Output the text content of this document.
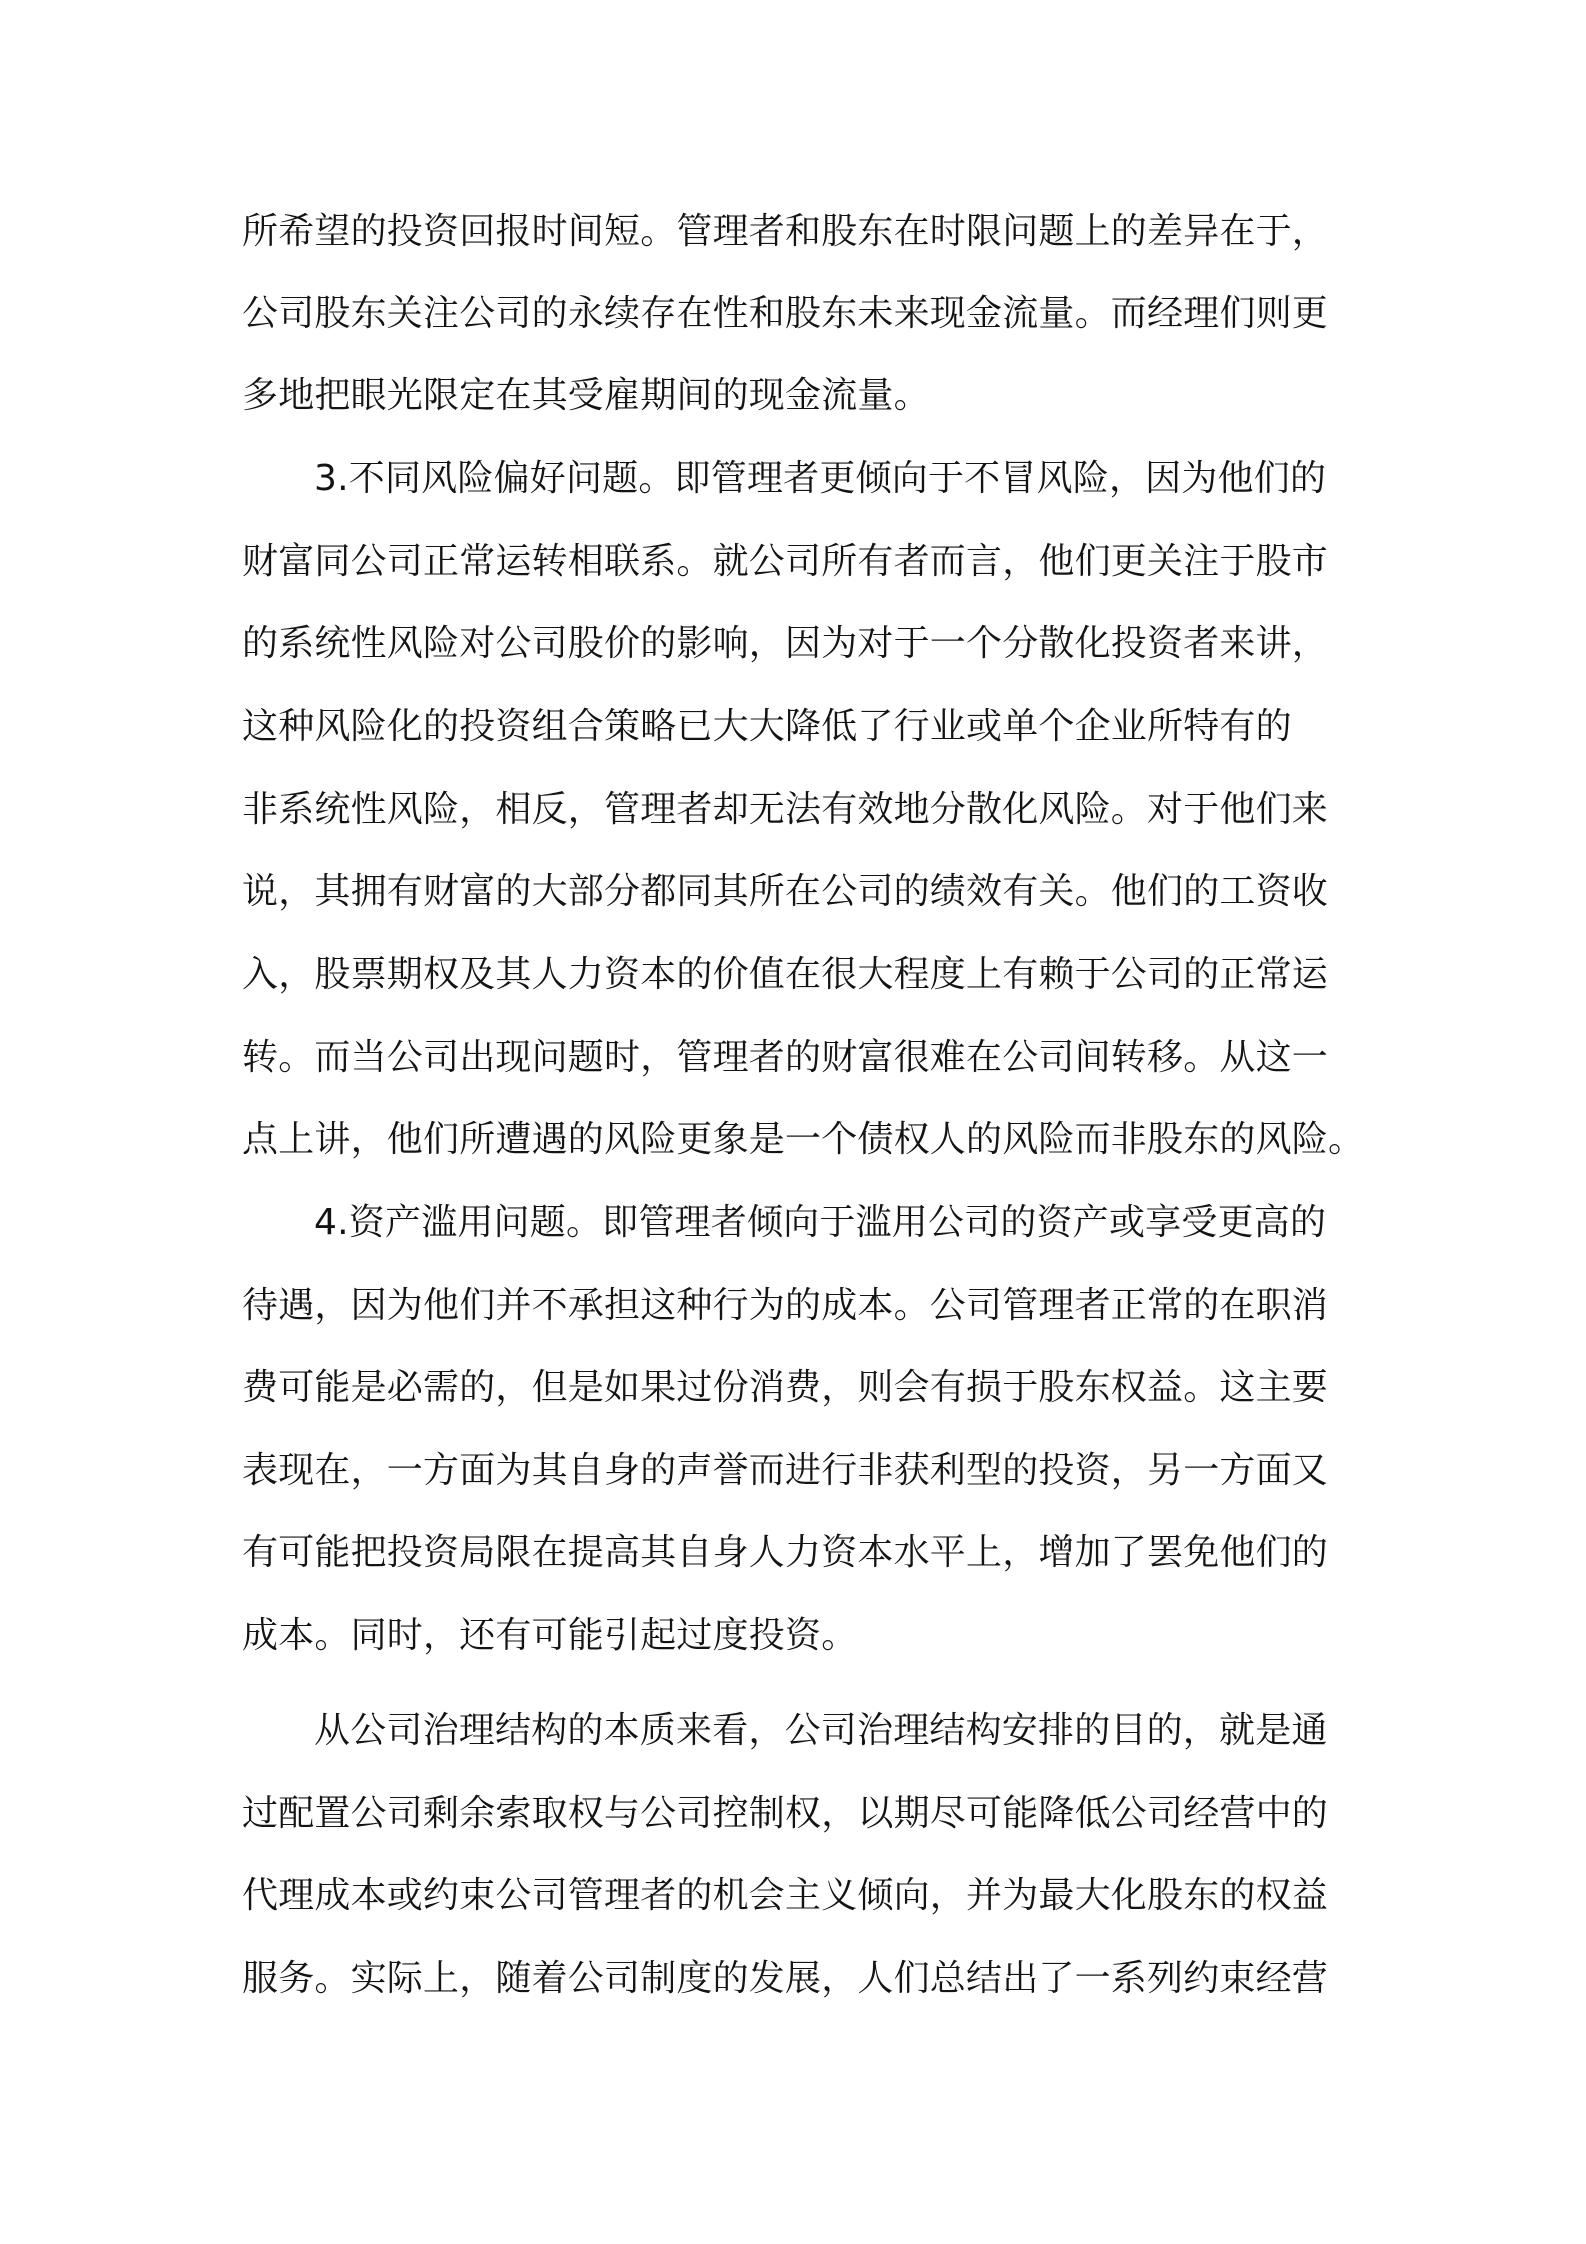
所希望的投资回报时间短。管理者和股东在时限问题上的差异在于，
公司股东关注公司的永续存在性和股东未来现金流量。而经理们则更
多地把眼光限定在其受雇期间的现金流量。
3.不同风险偏好问题。即管理者更倾向于不冒风险，因为他们的
财富同公司正常运转相联系。就公司所有者而言，他们更关注于股市
的系统性风险对公司股价的影响，因为对于一个分散化投资者来讲，
这种风险化的投资组合策略已大大降低了行业或单个企业所特有的
非系统性风险，相反，管理者却无法有效地分散化风险。对于他们来
说，其拥有财富的大部分都同其所在公司的绩效有关。他们的工资收
入，股票期权及其人力资本的价值在很大程度上有赖于公司的正常运
转。而当公司出现问题时，管理者的财富很难在公司间转移。从这一
点上讲，他们所遭遇的风险更象是一个债权人的风险而非股东的风险。
4.资产滥用问题。即管理者倾向于滥用公司的资产或享受更高的
待遇，因为他们并不承担这种行为的成本。公司管理者正常的在职消
费可能是必需的，但是如果过份消费，则会有损于股东权益。这主要
表现在，一方面为其自身的声誉而进行非获利型的投资，另一方面又
有可能把投资局限在提高其自身人力资本水平上，增加了罢免他们的
成本。同时，还有可能引起过度投资。
从公司治理结构的本质来看，公司治理结构安排的目的，就是通
过配置公司剩余索取权与公司控制权，以期尽可能降低公司经营中的
代理成本或约束公司管理者的机会主义倾向，并为最大化股东的权益
服务。实际上，随着公司制度的发展，人们总结出了一系列约束经营
